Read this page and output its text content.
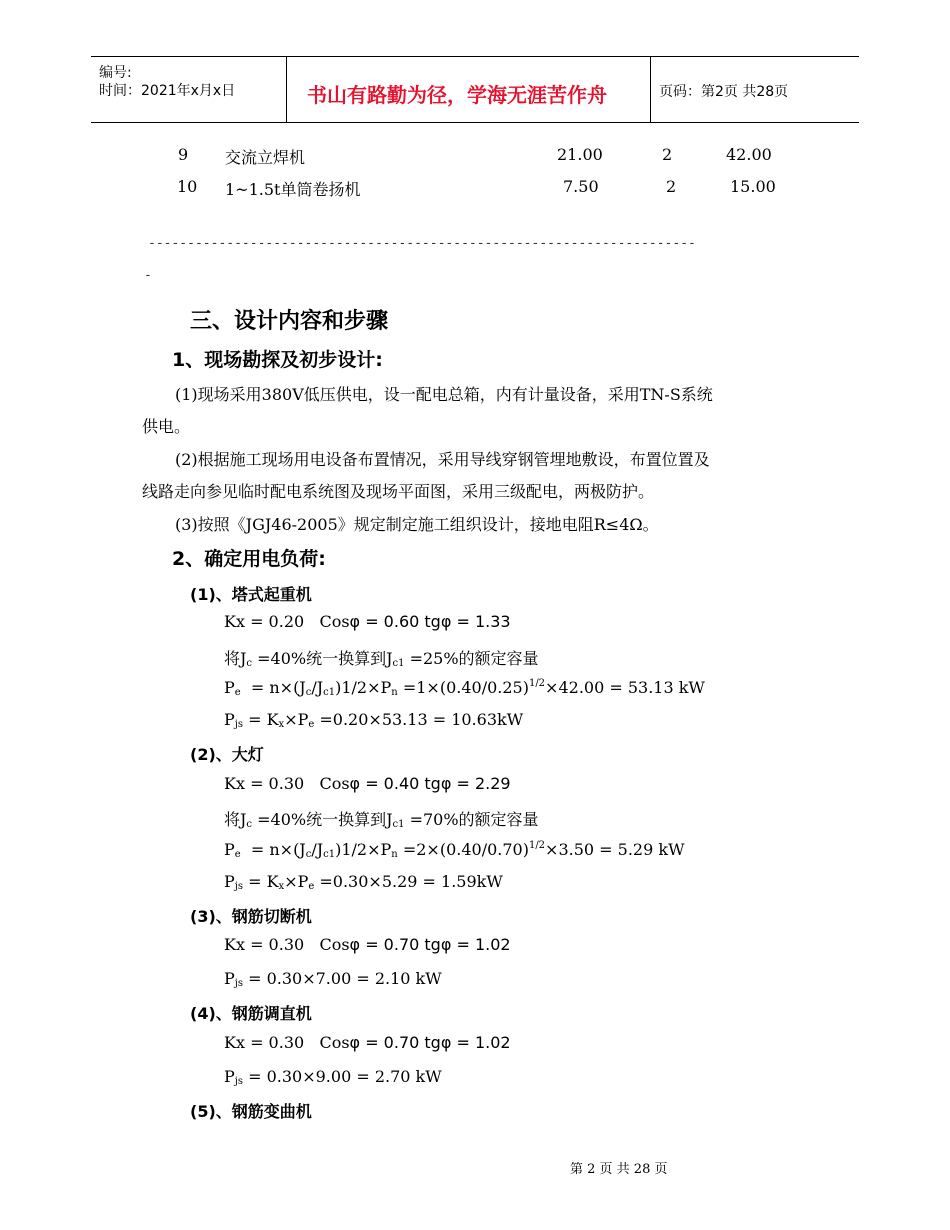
编号:
时间：2021年x月x日	书山有路勤为径，学海无涯苦作舟	页码：第2页 共28页
9 交流立焊机	21.00	2	42.00
10 1~1.5t单筒卷扬机	7.50	2	15.00
----------------------------------------------------------------------
-
三、设计内容和步骤
1、现场勘探及初步设计:
(1)现场采用380V低压供电，设一配电总箱，内有计量设备，采用TN-S系统
供电。
(2)根据施工现场用电设备布置情况，采用导线穿钢管埋地敷设，布置位置及
线路走向参见临时配电系统图及现场平面图，采用三级配电，两极防护。
(3)按照《JGJ46-2005》规定制定施工组织设计，接地电阻R≤4Ω。
2、确定用电负荷:
(1)、塔式起重机
Kx = 0.20 Cosφ = 0.60 tgφ = 1.33
将$J_c =40\%$统一换算到$J_{c1} =25\%$的额定容量
$P_e = n\times(J_c/J_{c1})1/2\times P_n =1\times(0.40/0.25)^{1/2}\times 42.00 = 53.13$ kW
$P_{js} = K_x\times P_e =0.20\times 53.13 = 10.63kW$
(2)、大灯
Kx = 0.30 Cosφ = 0.40 tgφ = 2.29
将$J_c =40\%$统一换算到$J_{c1} =70\%$的额定容量
$P_e = n\times(J_c/J_{c1})1/2\times P_n =2\times(0.40/0.70)^{1/2}\times 3.50 = 5.29$ kW
$P_{js} = K_x\times P_e =0.30\times 5.29 = 1.59kW$
(3)、钢筋切断机
Kx = 0.30 Cosφ = 0.70 tgφ = 1.02
$P_{js} = 0.30\times 7.00 = 2.10$ kW
(4)、钢筋调直机
Kx = 0.30 Cosφ = 0.70 tgφ = 1.02
$P_{js} = 0.30\times 9.00 = 2.70$ kW
(5)、钢筋变曲机
第 2 页 共 28 页
